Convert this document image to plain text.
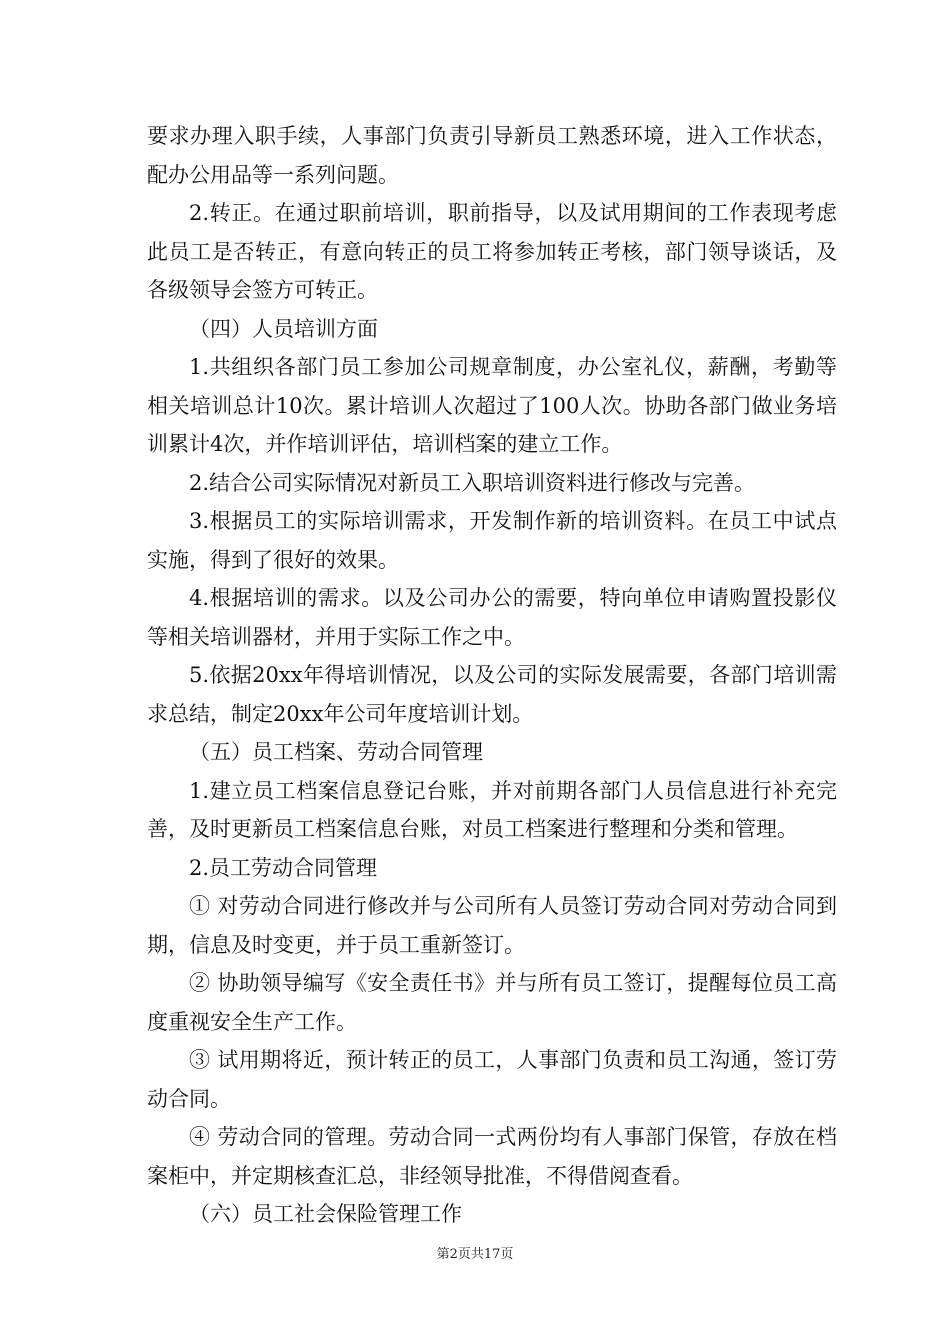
要求办理入职手续，人事部门负责引导新员工熟悉环境，进入工作状态，配办公用品等一系列问题。

2.转正。在通过职前培训，职前指导，以及试用期间的工作表现考虑此员工是否转正，有意向转正的员工将参加转正考核，部门领导谈话，及各级领导会签方可转正。

（四）人员培训方面

1.共组织各部门员工参加公司规章制度，办公室礼仪，薪酬，考勤等相关培训总计10次。累计培训人次超过了100人次。协助各部门做业务培训累计4次，并作培训评估，培训档案的建立工作。

2.结合公司实际情况对新员工入职培训资料进行修改与完善。

3.根据员工的实际培训需求，开发制作新的培训资料。在员工中试点实施，得到了很好的效果。

4.根据培训的需求。以及公司办公的需要，特向单位申请购置投影仪等相关培训器材，并用于实际工作之中。

5.依据20xx年得培训情况，以及公司的实际发展需要，各部门培训需求总结，制定20xx年公司年度培训计划。

（五）员工档案、劳动合同管理

1.建立员工档案信息登记台账，并对前期各部门人员信息进行补充完善，及时更新员工档案信息台账，对员工档案进行整理和分类和管理。

2.员工劳动合同管理

① 对劳动合同进行修改并与公司所有人员签订劳动合同对劳动合同到期，信息及时变更，并于员工重新签订。

② 协助领导编写《安全责任书》并与所有员工签订，提醒每位员工高度重视安全生产工作。

③ 试用期将近，预计转正的员工，人事部门负责和员工沟通，签订劳动合同。

④ 劳动合同的管理。劳动合同一式两份均有人事部门保管，存放在档案柜中，并定期核查汇总，非经领导批准，不得借阅查看。

（六）员工社会保险管理工作

第2页共17页
